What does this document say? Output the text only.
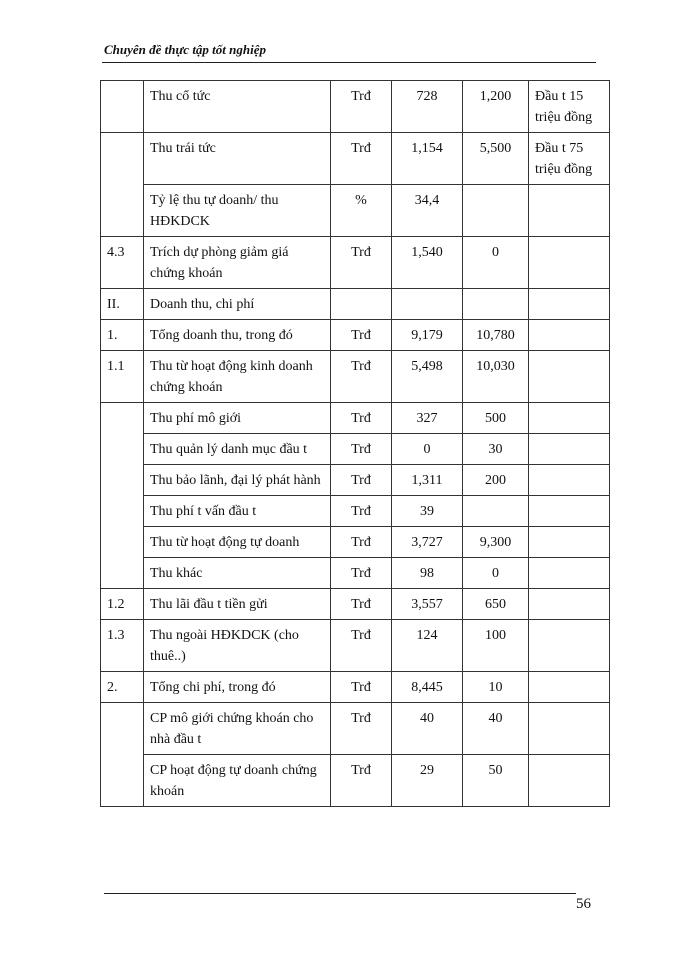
Chuyên đề thực tập tốt nghiệp
	Thu cổ tức	Trđ	728	1,200	Đầu t 15 triệu đồng
	Thu trái tức	Trđ	1,154	5,500	Đầu t 75 triệu đồng
	Tỷ lệ thu tự doanh/ thu HĐKDCK	%	34,4		
4.3	Trích dự phòng giảm giá chứng khoán	Trđ	1,540	0	
II.	Doanh thu, chi phí				
1.	Tổng doanh thu, trong đó	Trđ	9,179	10,780	
1.1	Thu từ hoạt động kinh doanh chứng khoán	Trđ	5,498	10,030	
	Thu phí mô giới	Trđ	327	500	
	Thu quản lý danh mục đầu t	Trđ	0	30	
	Thu bảo lãnh, đại lý phát hành	Trđ	1,311	200	
	Thu phí t vấn đầu t	Trđ	39		
	Thu từ hoạt động tự doanh	Trđ	3,727	9,300	
	Thu khác	Trđ	98	0	
1.2	Thu lãi đầu t tiền gửi	Trđ	3,557	650	
1.3	Thu ngoài HĐKDCK (cho thuê..)	Trđ	124	100	
2.	Tổng chi phí, trong đó	Trđ	8,445	10	
	CP mô giới chứng khoán cho nhà đầu t	Trđ	40	40	
	CP hoạt động tự doanh chứng khoán	Trđ	29	50	
56
